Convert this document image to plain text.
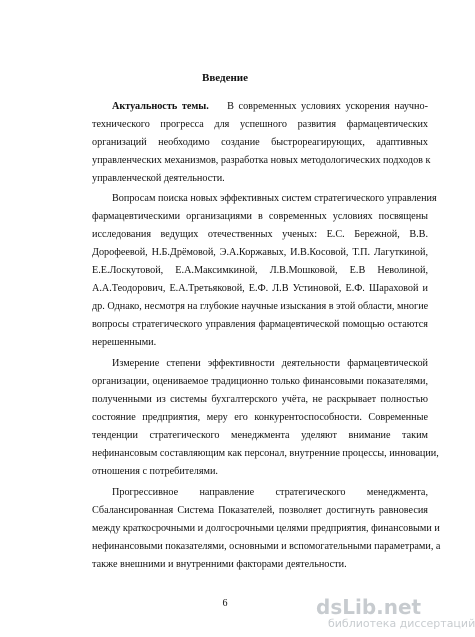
Введение
Актуальность темы. В современных условиях ускорения научно-
технического прогресса для успешного развития фармацевтических
организаций необходимо создание быстрореагирующих, адаптивных
управленческих механизмов, разработка новых методологических подходов к
управленческой деятельности.
Вопросам поиска новых эффективных систем стратегического управления
фармацевтическими организациями в современных условиях посвящены
исследования ведущих отечественных ученых: Е.С. Бережной, В.В.
Дорофеевой, Н.Б.Дрёмовой, Э.А.Коржавых, И.В.Косовой, Т.П. Лагуткиной,
Е.Е.Лоскутовой, Е.А.Максимкиной, Л.В.Мошковой, Е.В Неволиной,
А.А.Теодорович, Е.А.Третьяковой, Е.Ф. Л.В Устиновой, Е.Ф. Шараховой и
др. Однако, несмотря на глубокие научные изыскания в этой области, многие
вопросы стратегического управления фармацевтической помощью остаются
нерешенными.
Измерение степени эффективности деятельности фармацевтической
организации, оцениваемое традиционно только финансовыми показателями,
полученными из системы бухгалтерского учёта, не раскрывает полностью
состояние предприятия, меру его конкурентоспособности. Современные
тенденции стратегического менеджмента уделяют внимание таким
нефинансовым составляющим как персонал, внутренние процессы, инновации,
отношения с потребителями.
Прогрессивное направление стратегического менеджмента,
Сбалансированная Система Показателей, позволяет достигнуть равновесия
между краткосрочными и долгосрочными целями предприятия, финансовыми и
нефинансовыми показателями, основными и вспомогательными параметрами, а
также внешними и внутренними факторами деятельности.
6	dsLib.net
библиотека диссертаций
